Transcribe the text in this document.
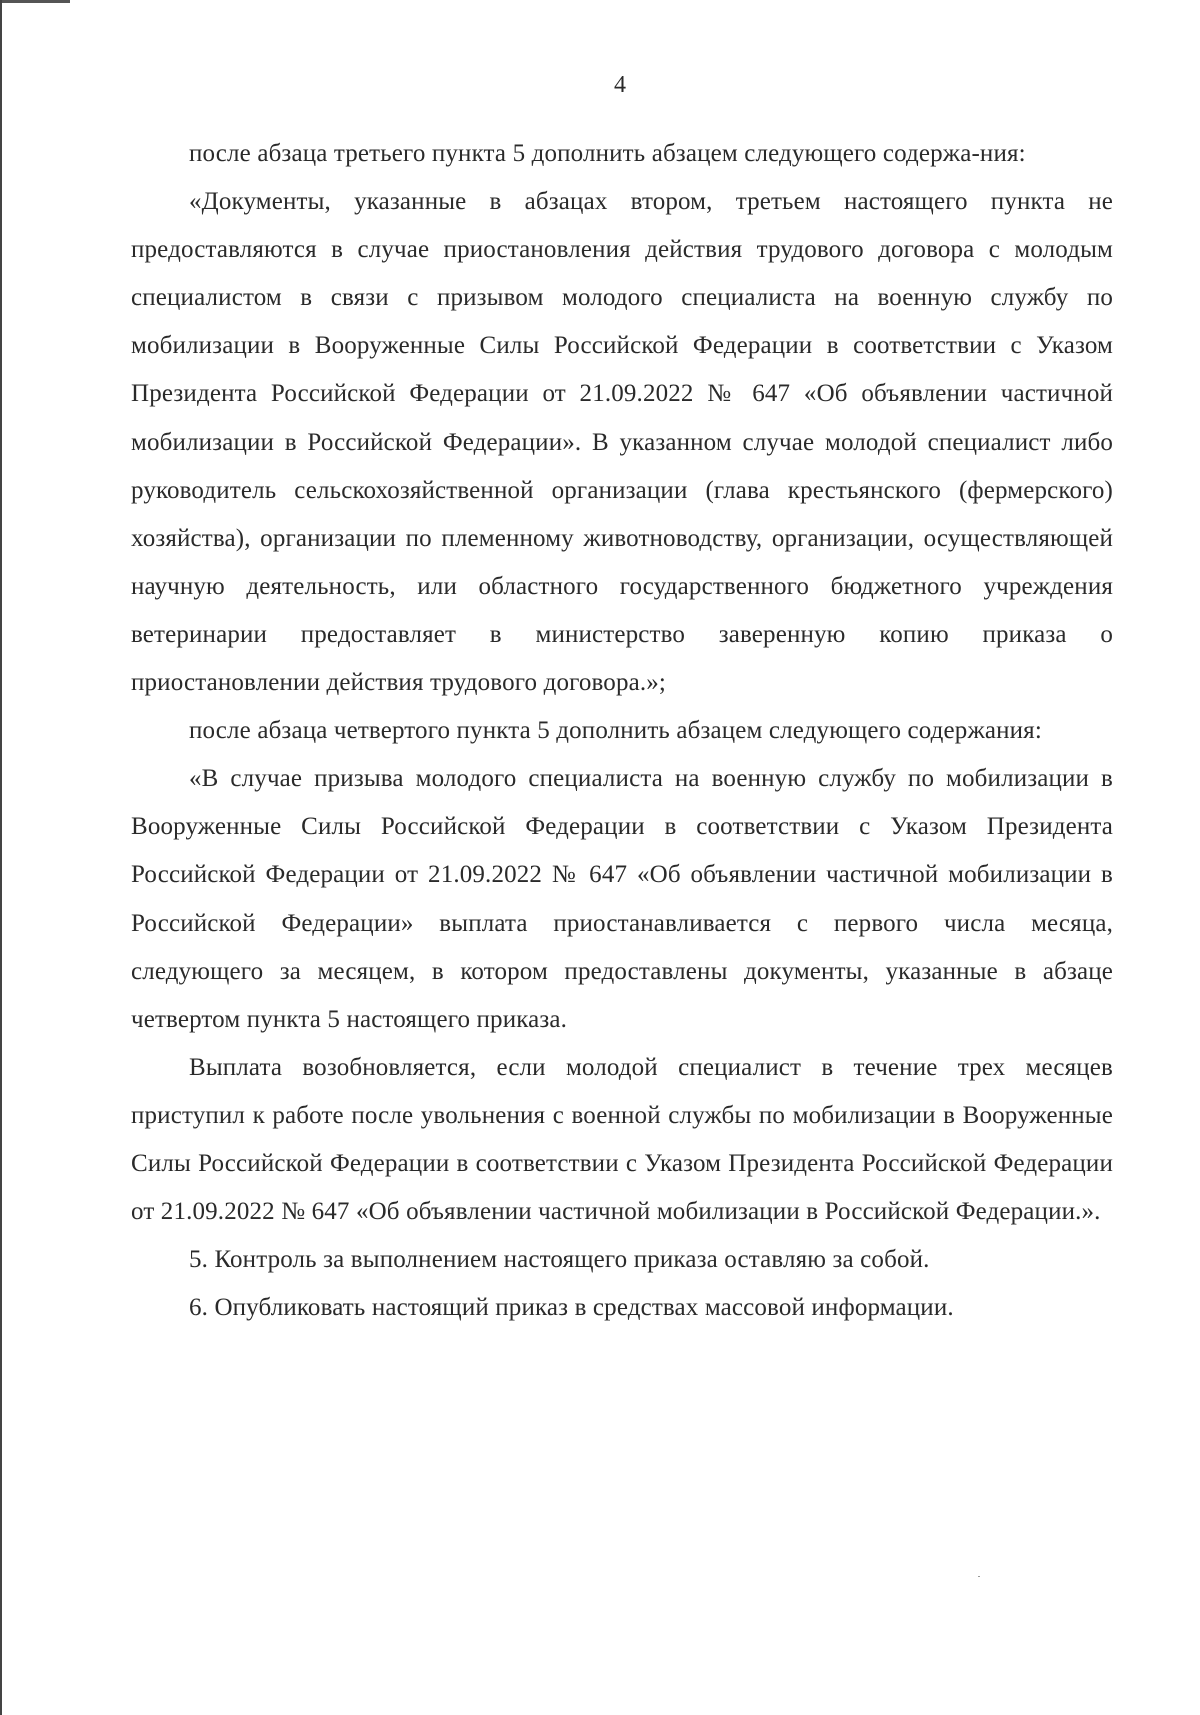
4

после абзаца третьего пункта 5 дополнить абзацем следующего содержа-ния:

«Документы, указанные в абзацах втором, третьем настоящего пункта не предоставляются в случае приостановления действия трудового договора с молодым специалистом в связи с призывом молодого специалиста на военную службу по мобилизации в Вооруженные Силы Российской Федерации в соответствии с Указом Президента Российской Федерации от 21.09.2022 № 647 «Об объявлении частичной мобилизации в Российской Федерации». В указанном случае молодой специалист либо руководитель сельскохозяйственной организации (глава крестьянского (фермерского) хозяйства), организации по племенному животноводству, организации, осуществляющей научную деятельность, или областного государственного бюджетного учреждения ветеринарии предоставляет в министерство заверенную копию приказа о приостановлении действия трудового договора.»;

после абзаца четвертого пункта 5 дополнить абзацем следующего содержания:

«В случае призыва молодого специалиста на военную службу по мобилизации в Вооруженные Силы Российской Федерации в соответствии с Указом Президента Российской Федерации от 21.09.2022 № 647 «Об объявлении частичной мобилизации в Российской Федерации» выплата приостанавливается с первого числа месяца, следующего за месяцем, в котором предоставлены документы, указанные в абзаце четвертом пункта 5 настоящего приказа.

Выплата возобновляется, если молодой специалист в течение трех месяцев приступил к работе после увольнения с военной службы по мобилизации в Вооруженные Силы Российской Федерации в соответствии с Указом Президента Российской Федерации от 21.09.2022 № 647 «Об объявлении частичной мобилизации в Российской Федерации.».

5. Контроль за выполнением настоящего приказа оставляю за собой.

6. Опубликовать настоящий приказ в средствах массовой информации.
